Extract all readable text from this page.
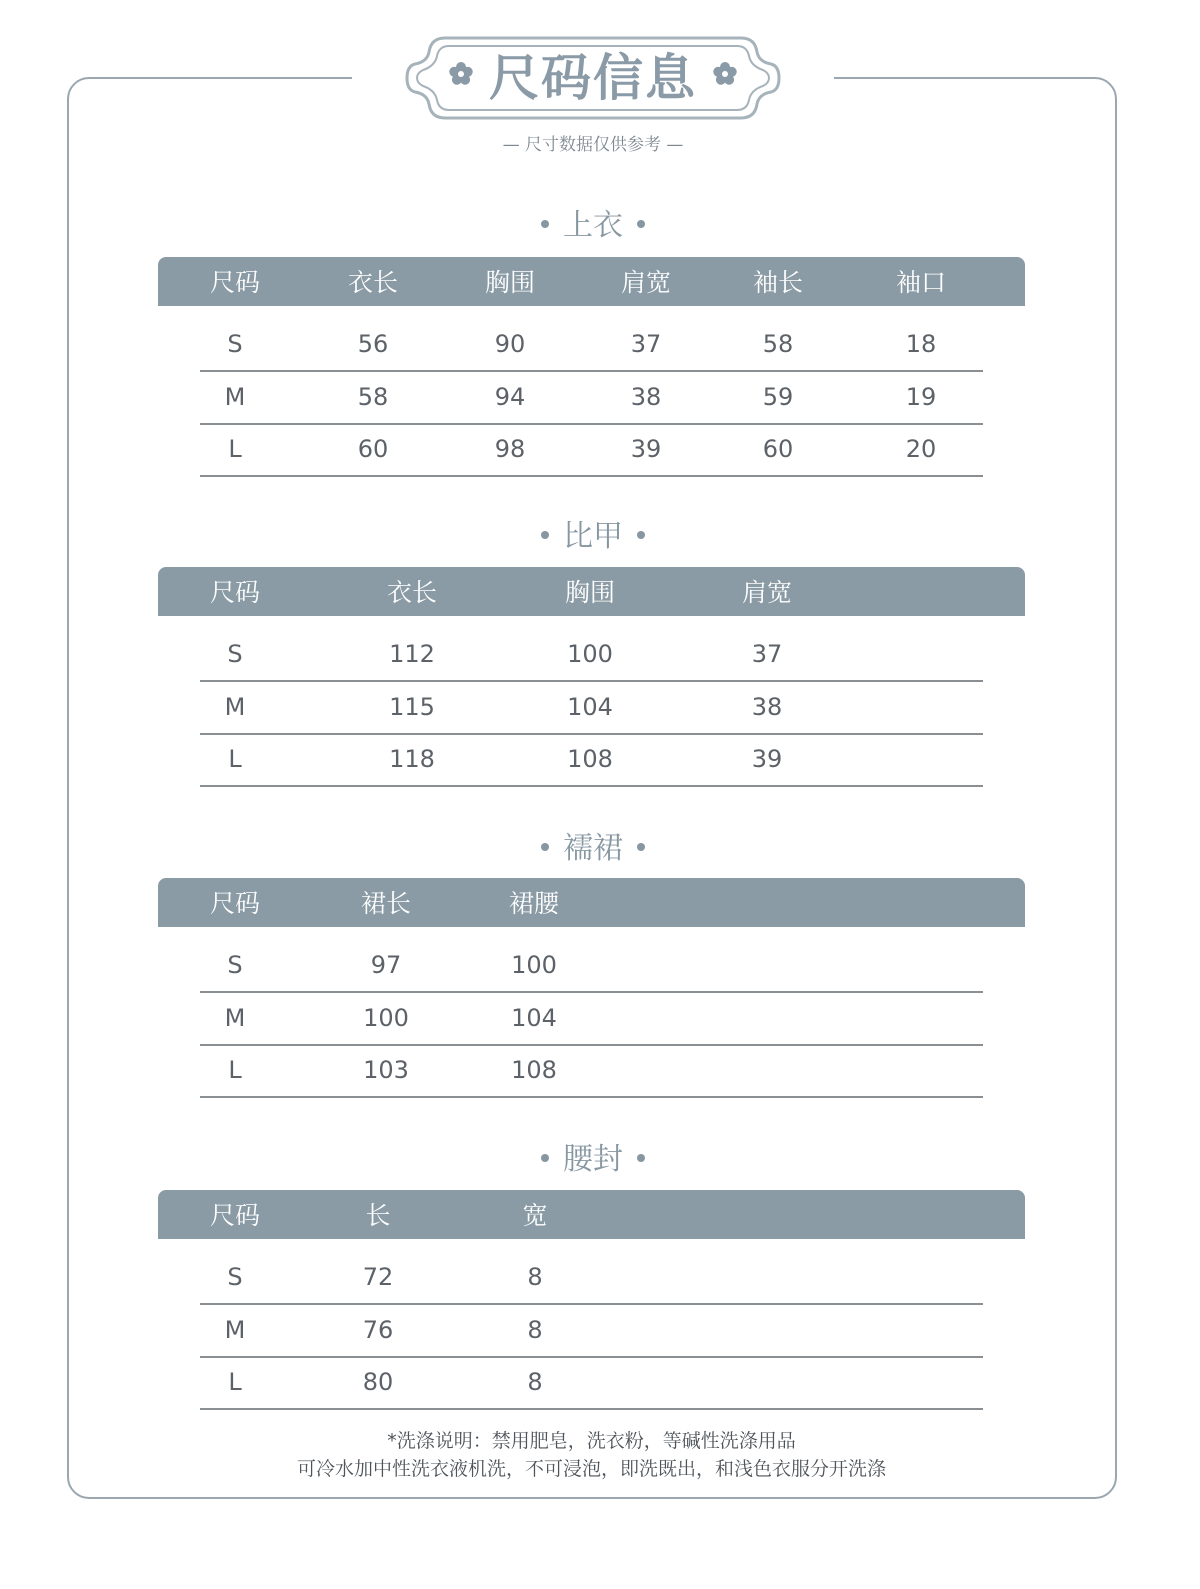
尺码信息
— 尺寸数据仅供参考 —
上衣
尺码	衣长	胸围	肩宽	袖长	袖口
S	56	90	37	58	18
M	58	94	38	59	19
L	60	98	39	60	20
比甲
尺码	衣长	胸围	肩宽
S	112	100	37
M	115	104	38
L	118	108	39
襦裙
尺码	裙长	裙腰
S	97	100
M	100	104
L	103	108
腰封
尺码	长	宽
S	72	8
M	76	8
L	80	8
*洗涤说明：禁用肥皂，洗衣粉，等碱性洗涤用品
可冷水加中性洗衣液机洗，不可浸泡，即洗既出，和浅色衣服分开洗涤
